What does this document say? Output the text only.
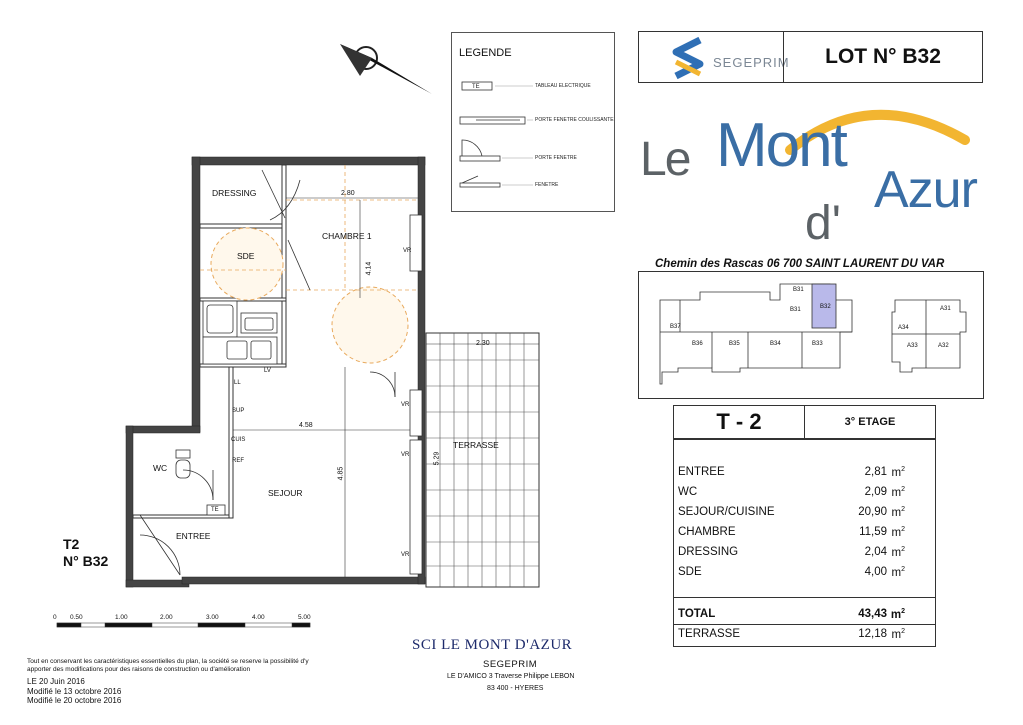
LEGENDE
TE	TABLEAU ELECTRIQUE
PORTE FENETRE COULISSANTE
PORTE FENETRE
FENETRE
SEGEPRIM	LOT N° B32
Le Mont
d'
Azur
Chemin des Rascas 06 700 SAINT LAURENT DU VAR
B31
B32
B31
B37
B36	B35	B34	B33
A31
A34
A33	A32
T - 2	3° ETAGE
ENTREE	2,81 $m^2$
WC	2,09 $m^2$
SEJOUR/CUISINE	20,90 $m^2$
CHAMBRE	11,59 $m^2$
DRESSING	2,04 $m^2$
SDE	4,00 $m^2$
TOTAL	43,43 $m^2$
TERRASSE	12,18 $m^2$
DRESSING
CHAMBRE 1
SDE
WC
SEJOUR
ENTREE
TERRASSE
2.80
4.14
4.58
4.85
2.30
5.29
LL
LV
SUP
CUIS
REF
TE
VR
VR
VR
VR
T2
N° B32
0 0.50	1.00	2.00	3.00	4.00	5.00
SCI LE MONT D'AZUR
SEGEPRIM
LE D'AMICO 3 Traverse Philippe LEBON
83 400 - HYERES
Tout en conservant les caractéristiques essentielles du plan, la société se reserve la possibilité d'y apporter des modifications pour des raisons de construction ou d'amélioration
LE 20 Juin 2016
Modifié le 13 octobre 2016
Modifié le 20 octobre 2016
